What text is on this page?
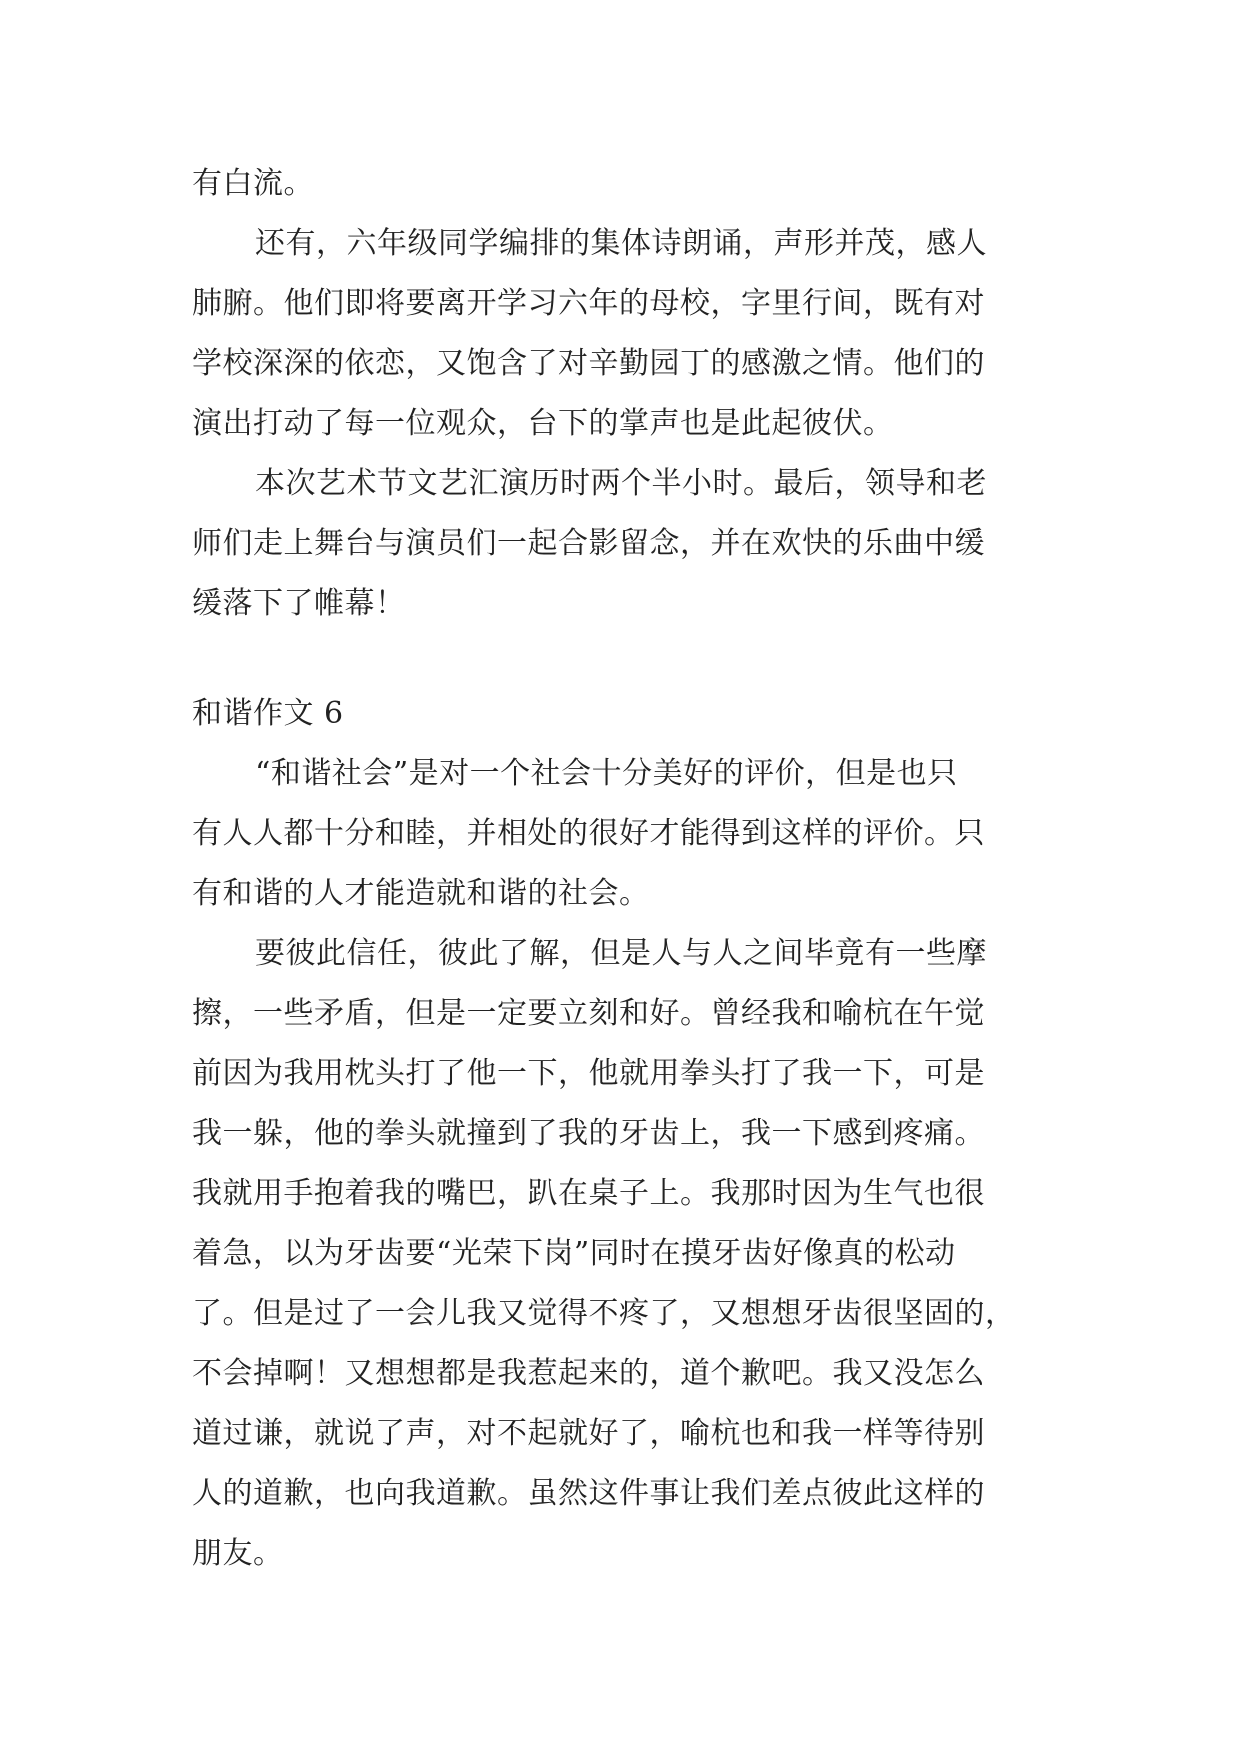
有白流。
还有，六年级同学编排的集体诗朗诵，声形并茂，感人
肺腑。他们即将要离开学习六年的母校，字里行间，既有对
学校深深的依恋，又饱含了对辛勤园丁的感激之情。他们的
演出打动了每一位观众，台下的掌声也是此起彼伏。
本次艺术节文艺汇演历时两个半小时。最后，领导和老
师们走上舞台与演员们一起合影留念，并在欢快的乐曲中缓
缓落下了帷幕！
和谐作文 6
“和谐社会”是对一个社会十分美好的评价，但是也只
有人人都十分和睦，并相处的很好才能得到这样的评价。只
有和谐的人才能造就和谐的社会。
要彼此信任，彼此了解，但是人与人之间毕竟有一些摩
擦，一些矛盾，但是一定要立刻和好。曾经我和喻杭在午觉
前因为我用枕头打了他一下，他就用拳头打了我一下，可是
我一躲，他的拳头就撞到了我的牙齿上，我一下感到疼痛。
我就用手抱着我的嘴巴，趴在桌子上。我那时因为生气也很
着急，以为牙齿要“光荣下岗”同时在摸牙齿好像真的松动
了。但是过了一会儿我又觉得不疼了，又想想牙齿很坚固的，
不会掉啊！又想想都是我惹起来的，道个歉吧。我又没怎么
道过谦，就说了声，对不起就好了，喻杭也和我一样等待别
人的道歉，也向我道歉。虽然这件事让我们差点彼此这样的
朋友。
